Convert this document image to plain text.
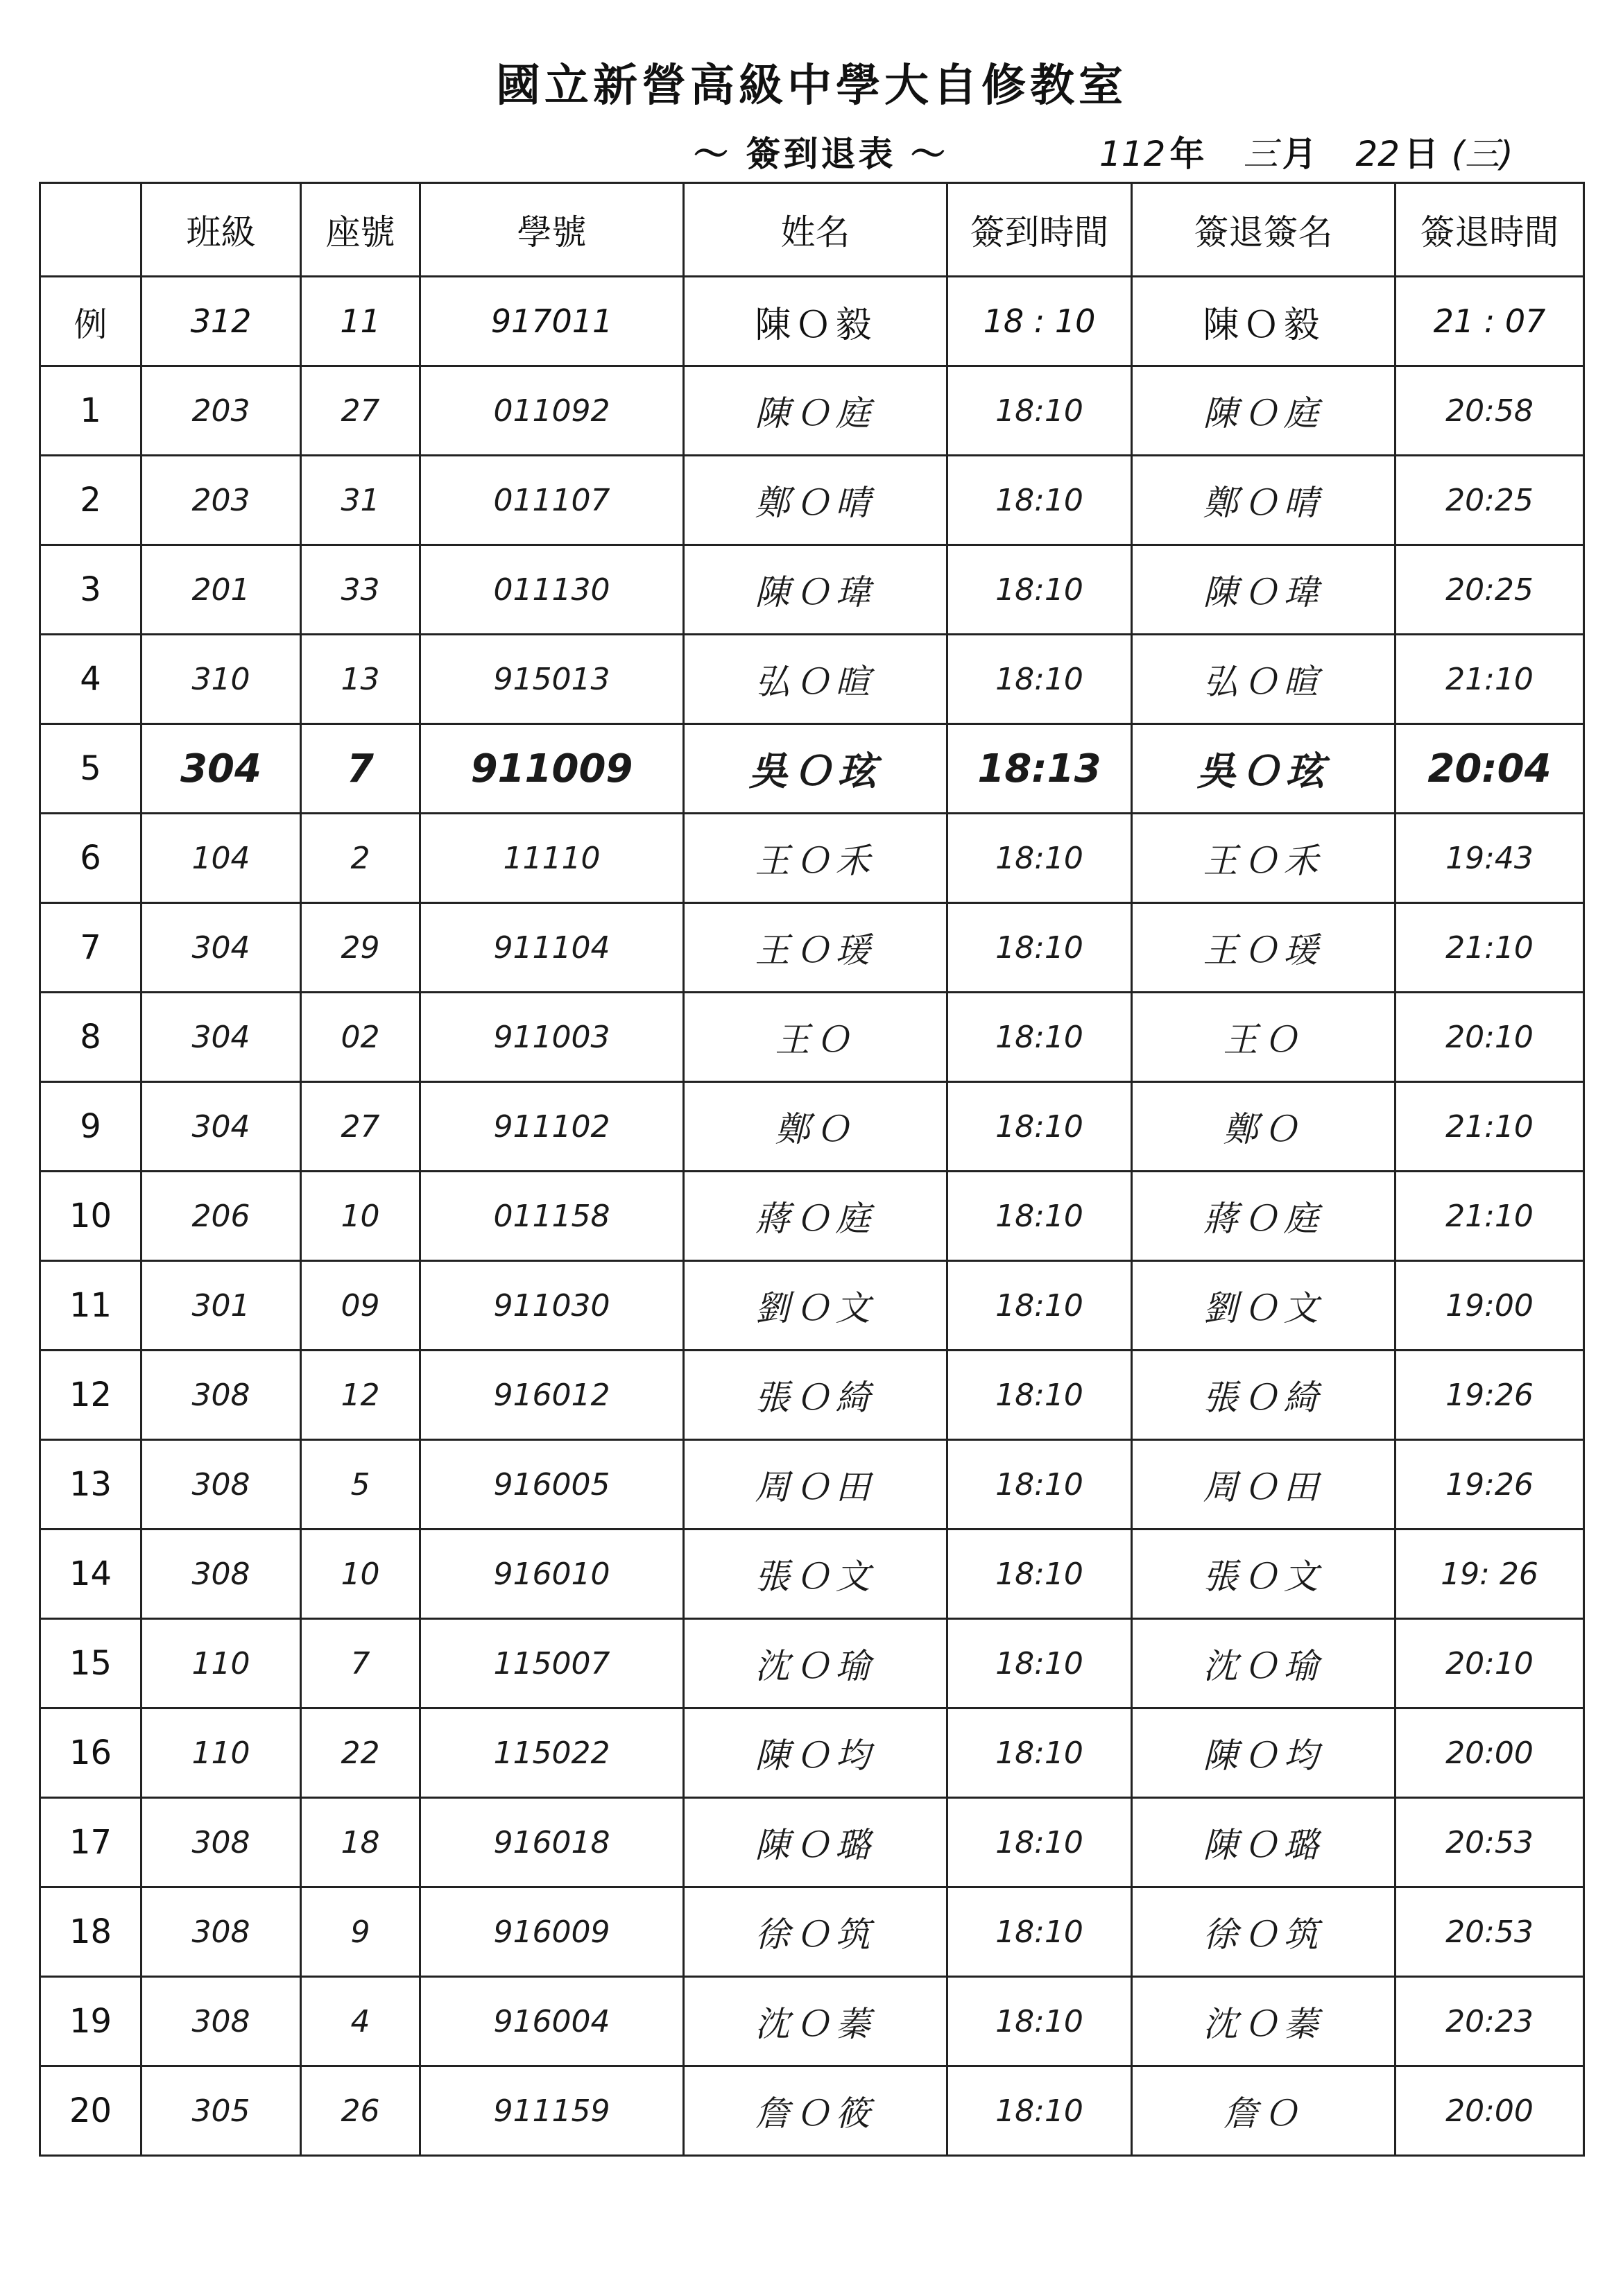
國立新營高級中學大自修教室
〜 簽到退表 〜	112 年 三 月 22 日 (三)
	班級	座號	學號	姓名	簽到時間	簽退簽名	簽退時間
例	312	11	917011	陳Ｏ毅	18 : 10	陳Ｏ毅	21 : 07
1	203	27	011092	陳Ｏ庭	18:10	陳Ｏ庭	20:58
2	203	31	011107	鄭Ｏ晴	18:10	鄭Ｏ晴	20:25
3	201	33	011130	陳Ｏ瑋	18:10	陳Ｏ瑋	20:25
4	310	13	915013	弘Ｏ暄	18:10	弘Ｏ暄	21:10
5	304	7	911009	吳Ｏ玹	18:13	吳Ｏ玹	20:04
6	104	2	11110	王Ｏ禾	18:10	王Ｏ禾	19:43
7	304	29	911104	王Ｏ瑗	18:10	王Ｏ瑗	21:10
8	304	02	911003	王Ｏ	18:10	王Ｏ	20:10
9	304	27	911102	鄭Ｏ	18:10	鄭Ｏ	21:10
10	206	10	011158	蔣Ｏ庭	18:10	蔣Ｏ庭	21:10
11	301	09	911030	劉Ｏ文	18:10	劉Ｏ文	19:00
12	308	12	916012	張Ｏ綺	18:10	張Ｏ綺	19:26
13	308	5	916005	周Ｏ田	18:10	周Ｏ田	19:26
14	308	10	916010	張Ｏ文	18:10	張Ｏ文	19: 26
15	110	7	115007	沈Ｏ瑜	18:10	沈Ｏ瑜	20:10
16	110	22	115022	陳Ｏ均	18:10	陳Ｏ均	20:00
17	308	18	916018	陳Ｏ璐	18:10	陳Ｏ璐	20:53
18	308	9	916009	徐Ｏ筑	18:10	徐Ｏ筑	20:53
19	308	4	916004	沈Ｏ蓁	18:10	沈Ｏ蓁	20:23
20	305	26	911159	詹Ｏ筱	18:10	詹Ｏ	20:00
